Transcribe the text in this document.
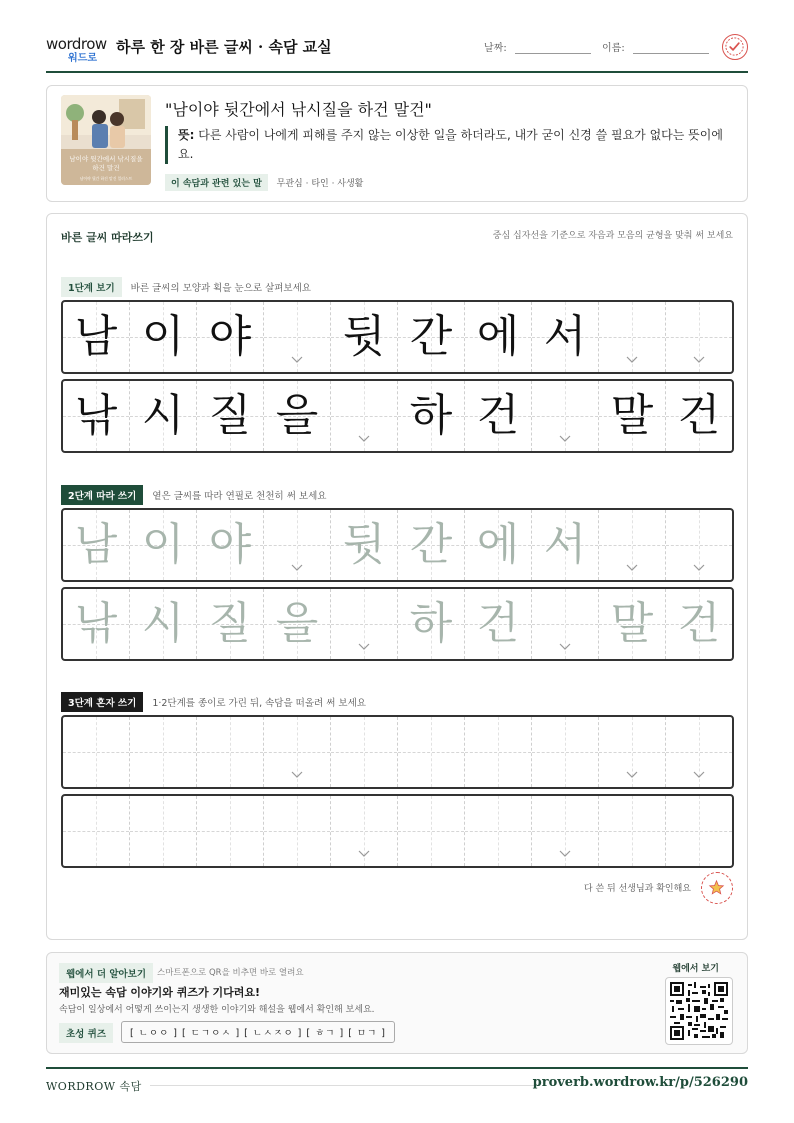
wordrow
워드로
하루 한 장 바른 글씨 · 속담 교실	날짜:	이름:
남이야 뒷간에서 낚시질을
하건 말건
남이야 뒷간 하건 말건 일러스트
"남이야 뒷간에서 낚시질을 하건 말건"
뜻: 다른 사람이 나에게 피해를 주지 않는 이상한 일을 하더라도, 내가 굳이 신경 쓸 필요가 없다는 뜻이에요.
이 속담과 관련 있는 말 무관심 · 타인 · 사생활
바른 글씨 따라쓰기	중심 십자선을 기준으로 자음과 모음의 균형을 맞춰 써 보세요
1단계 보기 바른 글씨의 모양과 획을 눈으로 살펴보세요
남 이 야 뒷 간 에 서
낚 시 질 을 하 건 말 건
2단계 따라 쓰기 옅은 글씨를 따라 연필로 천천히 써 보세요
남 이 야 뒷 간 에 서
낚 시 질 을 하 건 말 건
3단계 혼자 쓰기 1·2단계를 종이로 가린 뒤, 속담을 떠올려 써 보세요
다 쓴 뒤 선생님과 확인해요
웹에서 더 알아보기	스마트폰으로 QR을 비추면 바로 열려요
재미있는 속담 이야기와 퀴즈가 기다려요!
속담이 일상에서 어떻게 쓰이는지 생생한 이야기와 해설을 웹에서 확인해 보세요.
초성 퀴즈	[ ㄴㅇㅇ ] [ ㄷㄱㅇㅅ ] [ ㄴㅅㅈㅇ ] [ ㅎㄱ ] [ ㅁㄱ ]
웹에서 보기
WORDROW 속담	proverb.wordrow.kr/p/526290
